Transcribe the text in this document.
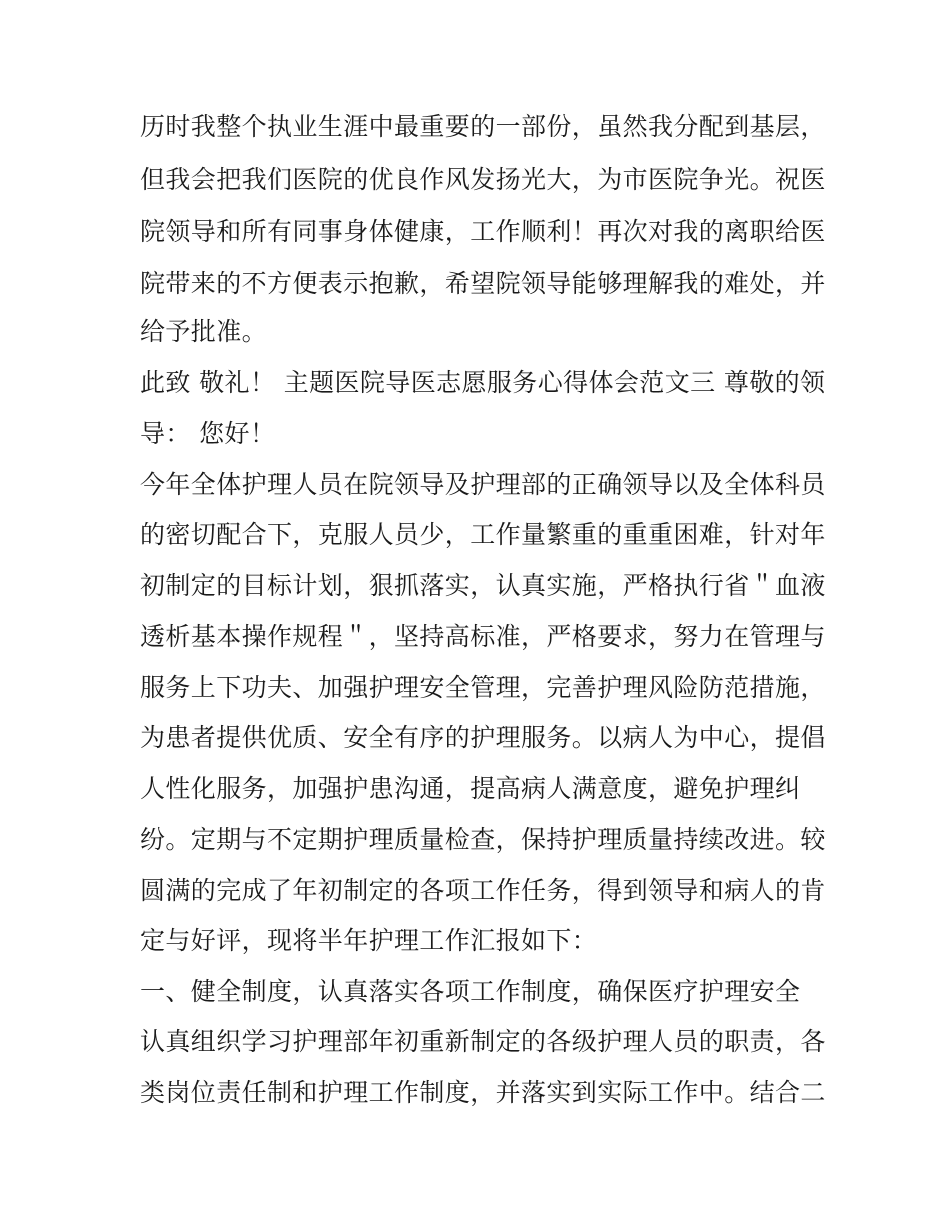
历时我整个执业生涯中最重要的一部份，虽然我分配到基层，
但我会把我们医院的优良作风发扬光大，为市医院争光。祝医
院领导和所有同事身体健康，工作顺利！再次对我的离职给医
院带来的不方便表示抱歉，希望院领导能够理解我的难处，并
给予批准。
此致 敬礼！ 主题医院导医志愿服务心得体会范文三 尊敬的领
导： 您好！
今年全体护理人员在院领导及护理部的正确领导以及全体科员
的密切配合下，克服人员少，工作量繁重的重重困难，针对年
初制定的目标计划，狠抓落实，认真实施，严格执行省＂血液
透析基本操作规程＂，坚持高标准，严格要求，努力在管理与
服务上下功夫、加强护理安全管理，完善护理风险防范措施，
为患者提供优质、安全有序的护理服务。以病人为中心，提倡
人性化服务，加强护患沟通，提高病人满意度，避免护理纠
纷。定期与不定期护理质量检查，保持护理质量持续改进。较
圆满的完成了年初制定的各项工作任务，得到领导和病人的肯
定与好评，现将半年护理工作汇报如下：
一、健全制度，认真落实各项工作制度，确保医疗护理安全
认真组织学习护理部年初重新制定的各级护理人员的职责，各
类岗位责任制和护理工作制度，并落实到实际工作中。结合二
